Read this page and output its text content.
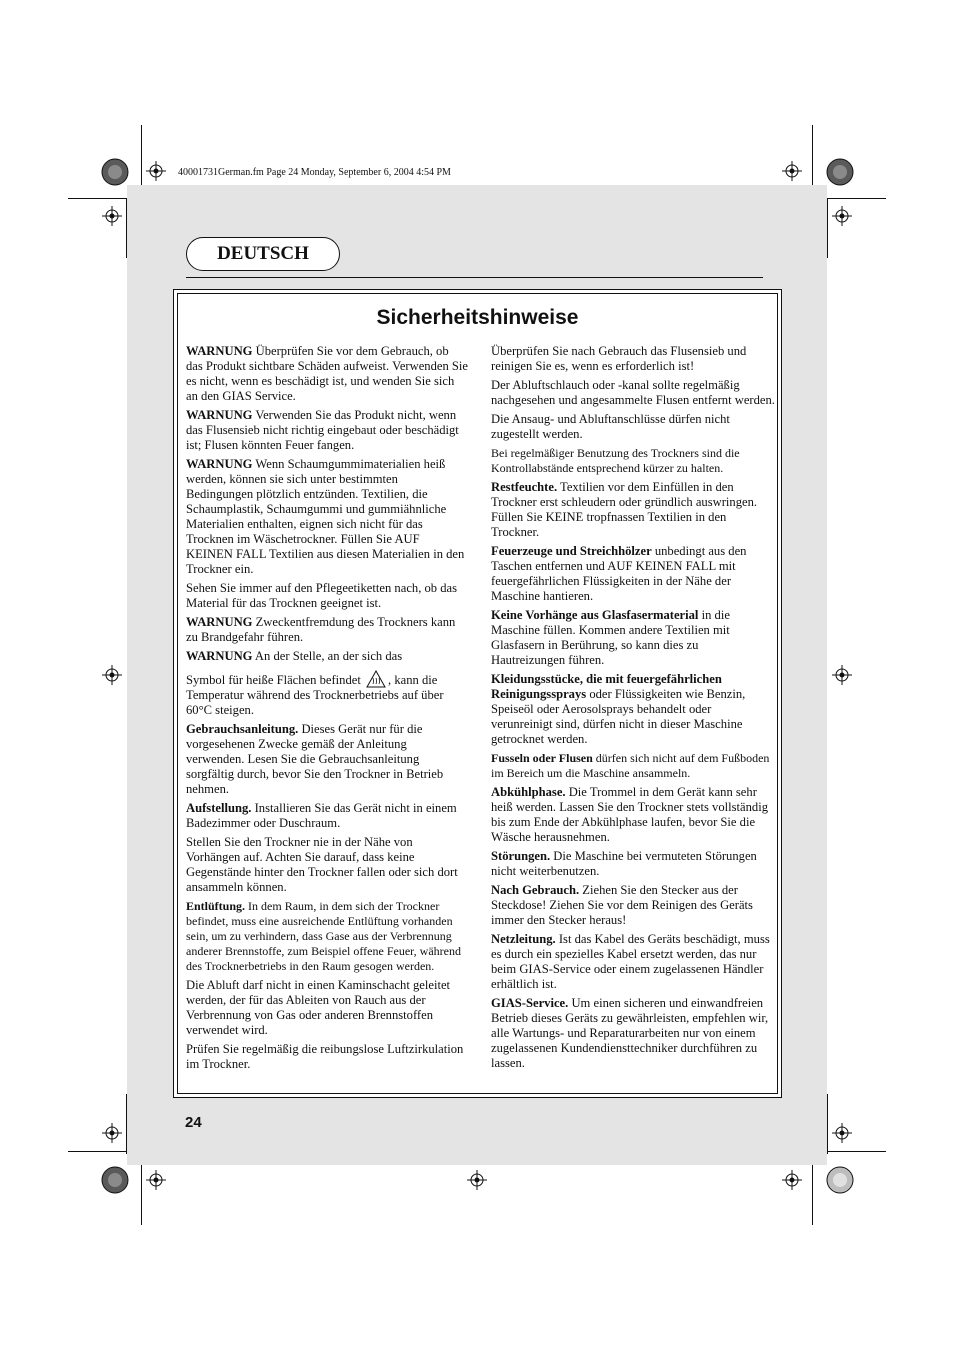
40001731German.fm Page 24 Monday, September 6, 2004 4:54 PM
DEUTSCH
Sicherheitshinweise

WARNUNG Überprüfen Sie vor dem Gebrauch, ob das Produkt sichtbare Schäden aufweist. Verwenden Sie es nicht, wenn es beschädigt ist, und wenden Sie sich an den GIAS Service.

WARNUNG Verwenden Sie das Produkt nicht, wenn das Flusensieb nicht richtig eingebaut oder beschädigt ist; Flusen könnten Feuer fangen.

WARNUNG Wenn Schaumgummimaterialien heiß werden, können sie sich unter bestimmten Bedingungen plötzlich entzünden. Textilien, die Schaumplastik, Schaumgummi und gummiähnliche Materialien enthalten, eignen sich nicht für das Trocknen im Wäschetrockner. Füllen Sie AUF KEINEN FALL Textilien aus diesen Materialien in den Trockner ein.

Sehen Sie immer auf den Pflegeetiketten nach, ob das Material für das Trocknen geeignet ist.

WARNUNG Zweckentfremdung des Trockners kann zu Brandgefahr führen.

WARNUNG An der Stelle, an der sich das

Symbol für heiße Flächen befindet , kann die Temperatur während des Trocknerbetriebs auf über 60°C steigen.

Gebrauchsanleitung. Dieses Gerät nur für die vorgesehenen Zwecke gemäß der Anleitung verwenden. Lesen Sie die Gebrauchsanleitung sorgfältig durch, bevor Sie den Trockner in Betrieb nehmen.

Aufstellung. Installieren Sie das Gerät nicht in einem Badezimmer oder Duschraum.

Stellen Sie den Trockner nie in der Nähe von Vorhängen auf. Achten Sie darauf, dass keine Gegenstände hinter den Trockner fallen oder sich dort ansammeln können.

Entlüftung. In dem Raum, in dem sich der Trockner befindet, muss eine ausreichende Entlüftung vorhanden sein, um zu verhindern, dass Gase aus der Verbrennung anderer Brennstoffe, zum Beispiel offene Feuer, während des Trocknerbetriebs in den Raum gesogen werden.

Die Abluft darf nicht in einen Kaminschacht geleitet werden, der für das Ableiten von Rauch aus der Verbrennung von Gas oder anderen Brennstoffen verwendet wird.

Prüfen Sie regelmäßig die reibungslose Luftzirkulation im Trockner.

Überprüfen Sie nach Gebrauch das Flusensieb und reinigen Sie es, wenn es erforderlich ist!

Der Abluftschlauch oder -kanal sollte regelmäßig nachgesehen und angesammelte Flusen entfernt werden.

Die Ansaug- und Abluftanschlüsse dürfen nicht zugestellt werden.

Bei regelmäßiger Benutzung des Trockners sind die Kontrollabstände entsprechend kürzer zu halten.

Restfeuchte. Textilien vor dem Einfüllen in den Trockner erst schleudern oder gründlich auswringen. Füllen Sie KEINE tropfnassen Textilien in den Trockner.

Feuerzeuge und Streichhölzer unbedingt aus den Taschen entfernen und AUF KEINEN FALL mit feuergefährlichen Flüssigkeiten in der Nähe der Maschine hantieren.

Keine Vorhänge aus Glasfasermaterial in die Maschine füllen. Kommen andere Textilien mit Glasfasern in Berührung, so kann dies zu Hautreizungen führen.

Kleidungsstücke, die mit feuergefährlichen Reinigungssprays oder Flüssigkeiten wie Benzin, Speiseöl oder Aerosolsprays behandelt oder verunreinigt sind, dürfen nicht in dieser Maschine getrocknet werden.

Fusseln oder Flusen dürfen sich nicht auf dem Fußboden im Bereich um die Maschine ansammeln.

Abkühlphase. Die Trommel in dem Gerät kann sehr heiß werden. Lassen Sie den Trockner stets vollständig bis zum Ende der Abkühlphase laufen, bevor Sie die Wäsche herausnehmen.

Störungen. Die Maschine bei vermuteten Störungen nicht weiterbenutzen.

Nach Gebrauch. Ziehen Sie den Stecker aus der Steckdose! Ziehen Sie vor dem Reinigen des Geräts immer den Stecker heraus!

Netzleitung. Ist das Kabel des Geräts beschädigt, muss es durch ein spezielles Kabel ersetzt werden, das nur beim GIAS-Service oder einem zugelassenen Händler erhältlich ist.

GIAS-Service. Um einen sicheren und einwandfreien Betrieb dieses Geräts zu gewährleisten, empfehlen wir, alle Wartungs- und Reparaturarbeiten nur von einem zugelassenen Kundendiensttechniker durchführen zu lassen.

24
